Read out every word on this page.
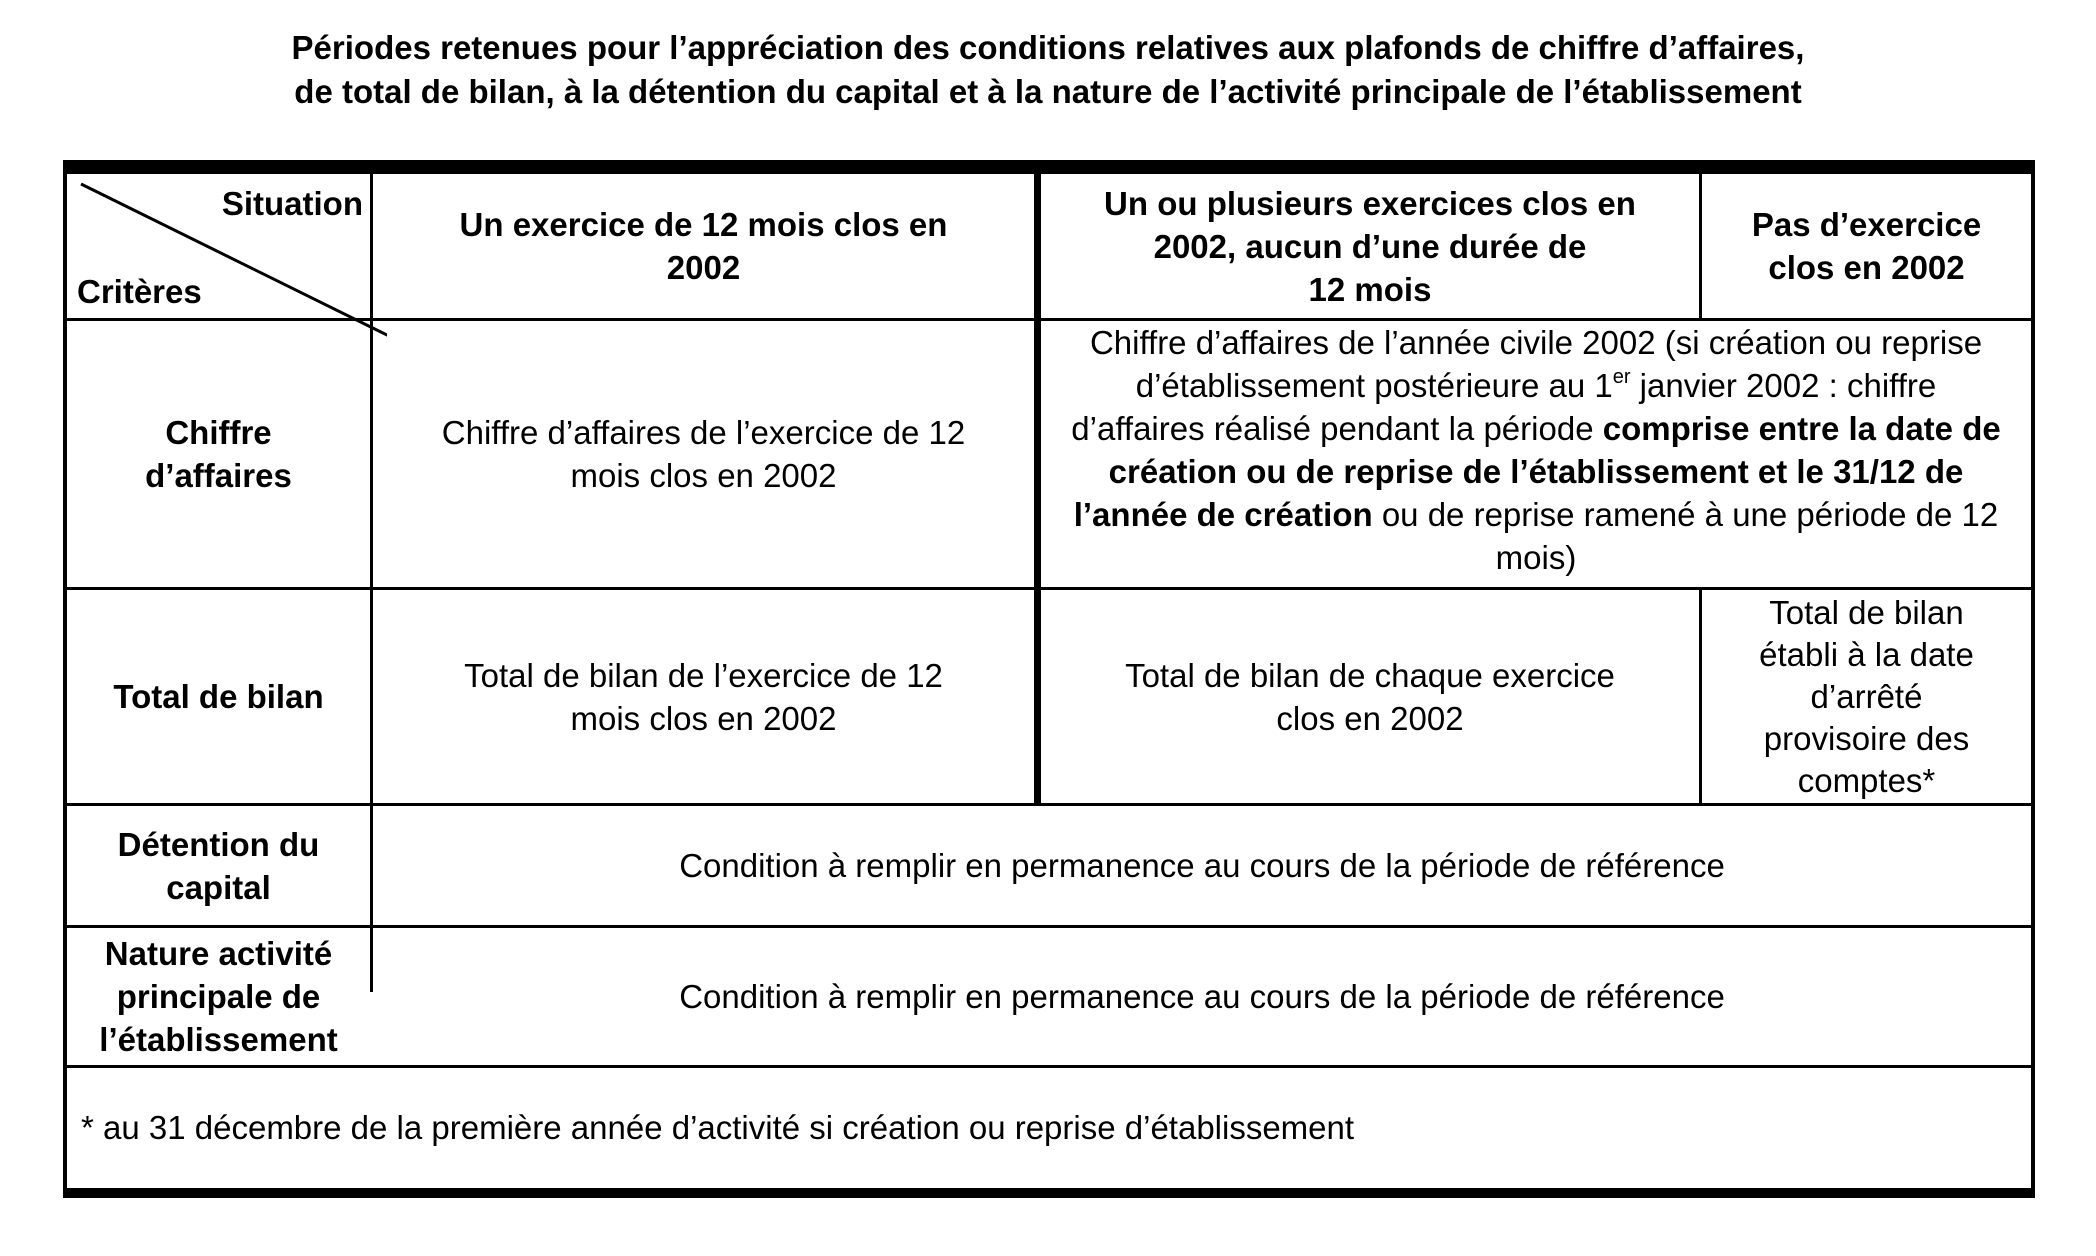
Périodes retenues pour l’appréciation des conditions relatives aux plafonds de chiffre d’affaires,
de total de bilan, à la détention du capital et à la nature de l’activité principale de l’établissement
Situation
Critères
Un exercice de 12 mois clos en 2002
Un ou plusieurs exercices clos en
2002, aucun d’une durée de
12 mois
Pas d’exercice clos en 2002
Chiffre d’affaires
Chiffre d’affaires de l’exercice de 12 mois clos en 2002
Chiffre d’affaires de l’année civile 2002 (si création ou reprise d’établissement postérieure au 1er janvier 2002 : chiffre d’affaires réalisé pendant la période comprise entre la date de création ou de reprise de l’établissement et le 31/12 de l’année de création ou de reprise ramené à une période de 12 mois)
Total de bilan
Total de bilan de l’exercice de 12 mois clos en 2002
Total de bilan de chaque exercice clos en 2002
Total de bilan établi à la date d’arrêté provisoire des comptes*
Détention du capital
Condition à remplir en permanence au cours de la période de référence
Nature activité principale de l’établissement
Condition à remplir en permanence au cours de la période de référence
* au 31 décembre de la première année d’activité si création ou reprise d’établissement
